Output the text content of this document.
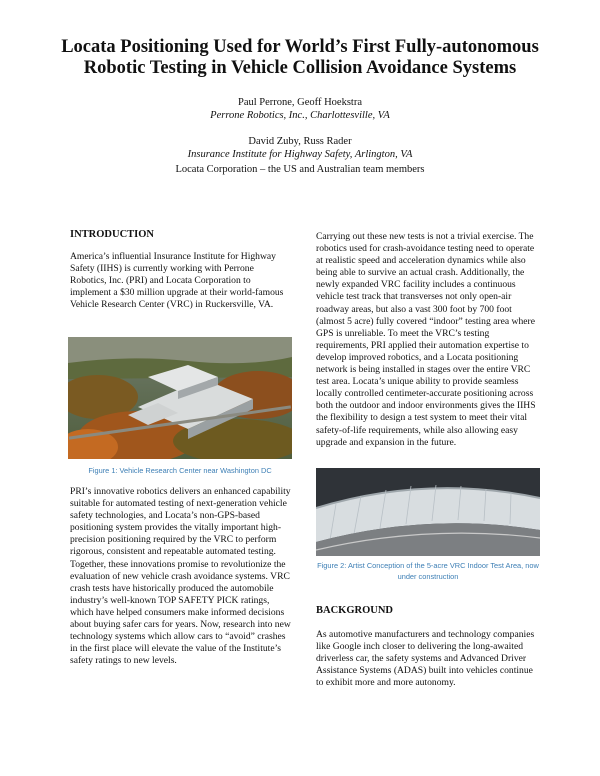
Locata Positioning Used for World’s First Fully-autonomous Robotic Testing in Vehicle Collision Avoidance Systems
Paul Perrone, Geoff Hoekstra
Perrone Robotics, Inc., Charlottesville, VA
David Zuby, Russ Rader
Insurance Institute for Highway Safety, Arlington, VA
Locata Corporation – the US and Australian team members

INTRODUCTION

America’s influential Insurance Institute for Highway Safety (IIHS) is currently working with Perrone Robotics, Inc. (PRI) and Locata Corporation to implement a $30 million upgrade at their world-famous Vehicle Research Center (VRC) in Ruckersville, VA.

Figure 1: Vehicle Research Center near Washington DC

PRI’s innovative robotics delivers an enhanced capability suitable for automated testing of next-generation vehicle safety technologies, and Locata’s non-GPS-based positioning system provides the vitally important high-precision positioning required by the VRC to perform rigorous, consistent and repeatable automated testing. Together, these innovations promise to revolutionize the evaluation of new vehicle crash avoidance systems. VRC crash tests have historically produced the automobile industry’s well-known TOP SAFETY PICK ratings, which have helped consumers make informed decisions about buying safer cars for years. Now, research into new technology systems which allow cars to “avoid” crashes in the first place will elevate the value of the Institute’s safety ratings to new levels.

Carrying out these new tests is not a trivial exercise. The robotics used for crash-avoidance testing need to operate at realistic speed and acceleration dynamics while also being able to survive an actual crash. Additionally, the newly expanded VRC facility includes a continuous vehicle test track that transverses not only open-air roadway areas, but also a vast 300 foot by 700 foot (almost 5 acre) fully covered “indoor” testing area where GPS is unreliable. To meet the VRC’s testing requirements, PRI applied their automation expertise to develop improved robotics, and a Locata positioning network is being installed in stages over the entire VRC test area. Locata’s unique ability to provide seamless locally controlled centimeter-accurate positioning across both the outdoor and indoor environments gives the IIHS the flexibility to design a test system to meet their vital safety-of-life requirements, while also allowing easy upgrade and expansion in the future.

Figure 2: Artist Conception of the 5-acre VRC Indoor Test Area, now under construction

BACKGROUND

As automotive manufacturers and technology companies like Google inch closer to delivering the long-awaited driverless car, the safety systems and Advanced Driver Assistance Systems (ADAS) built into vehicles continue to exhibit more and more autonomy.
